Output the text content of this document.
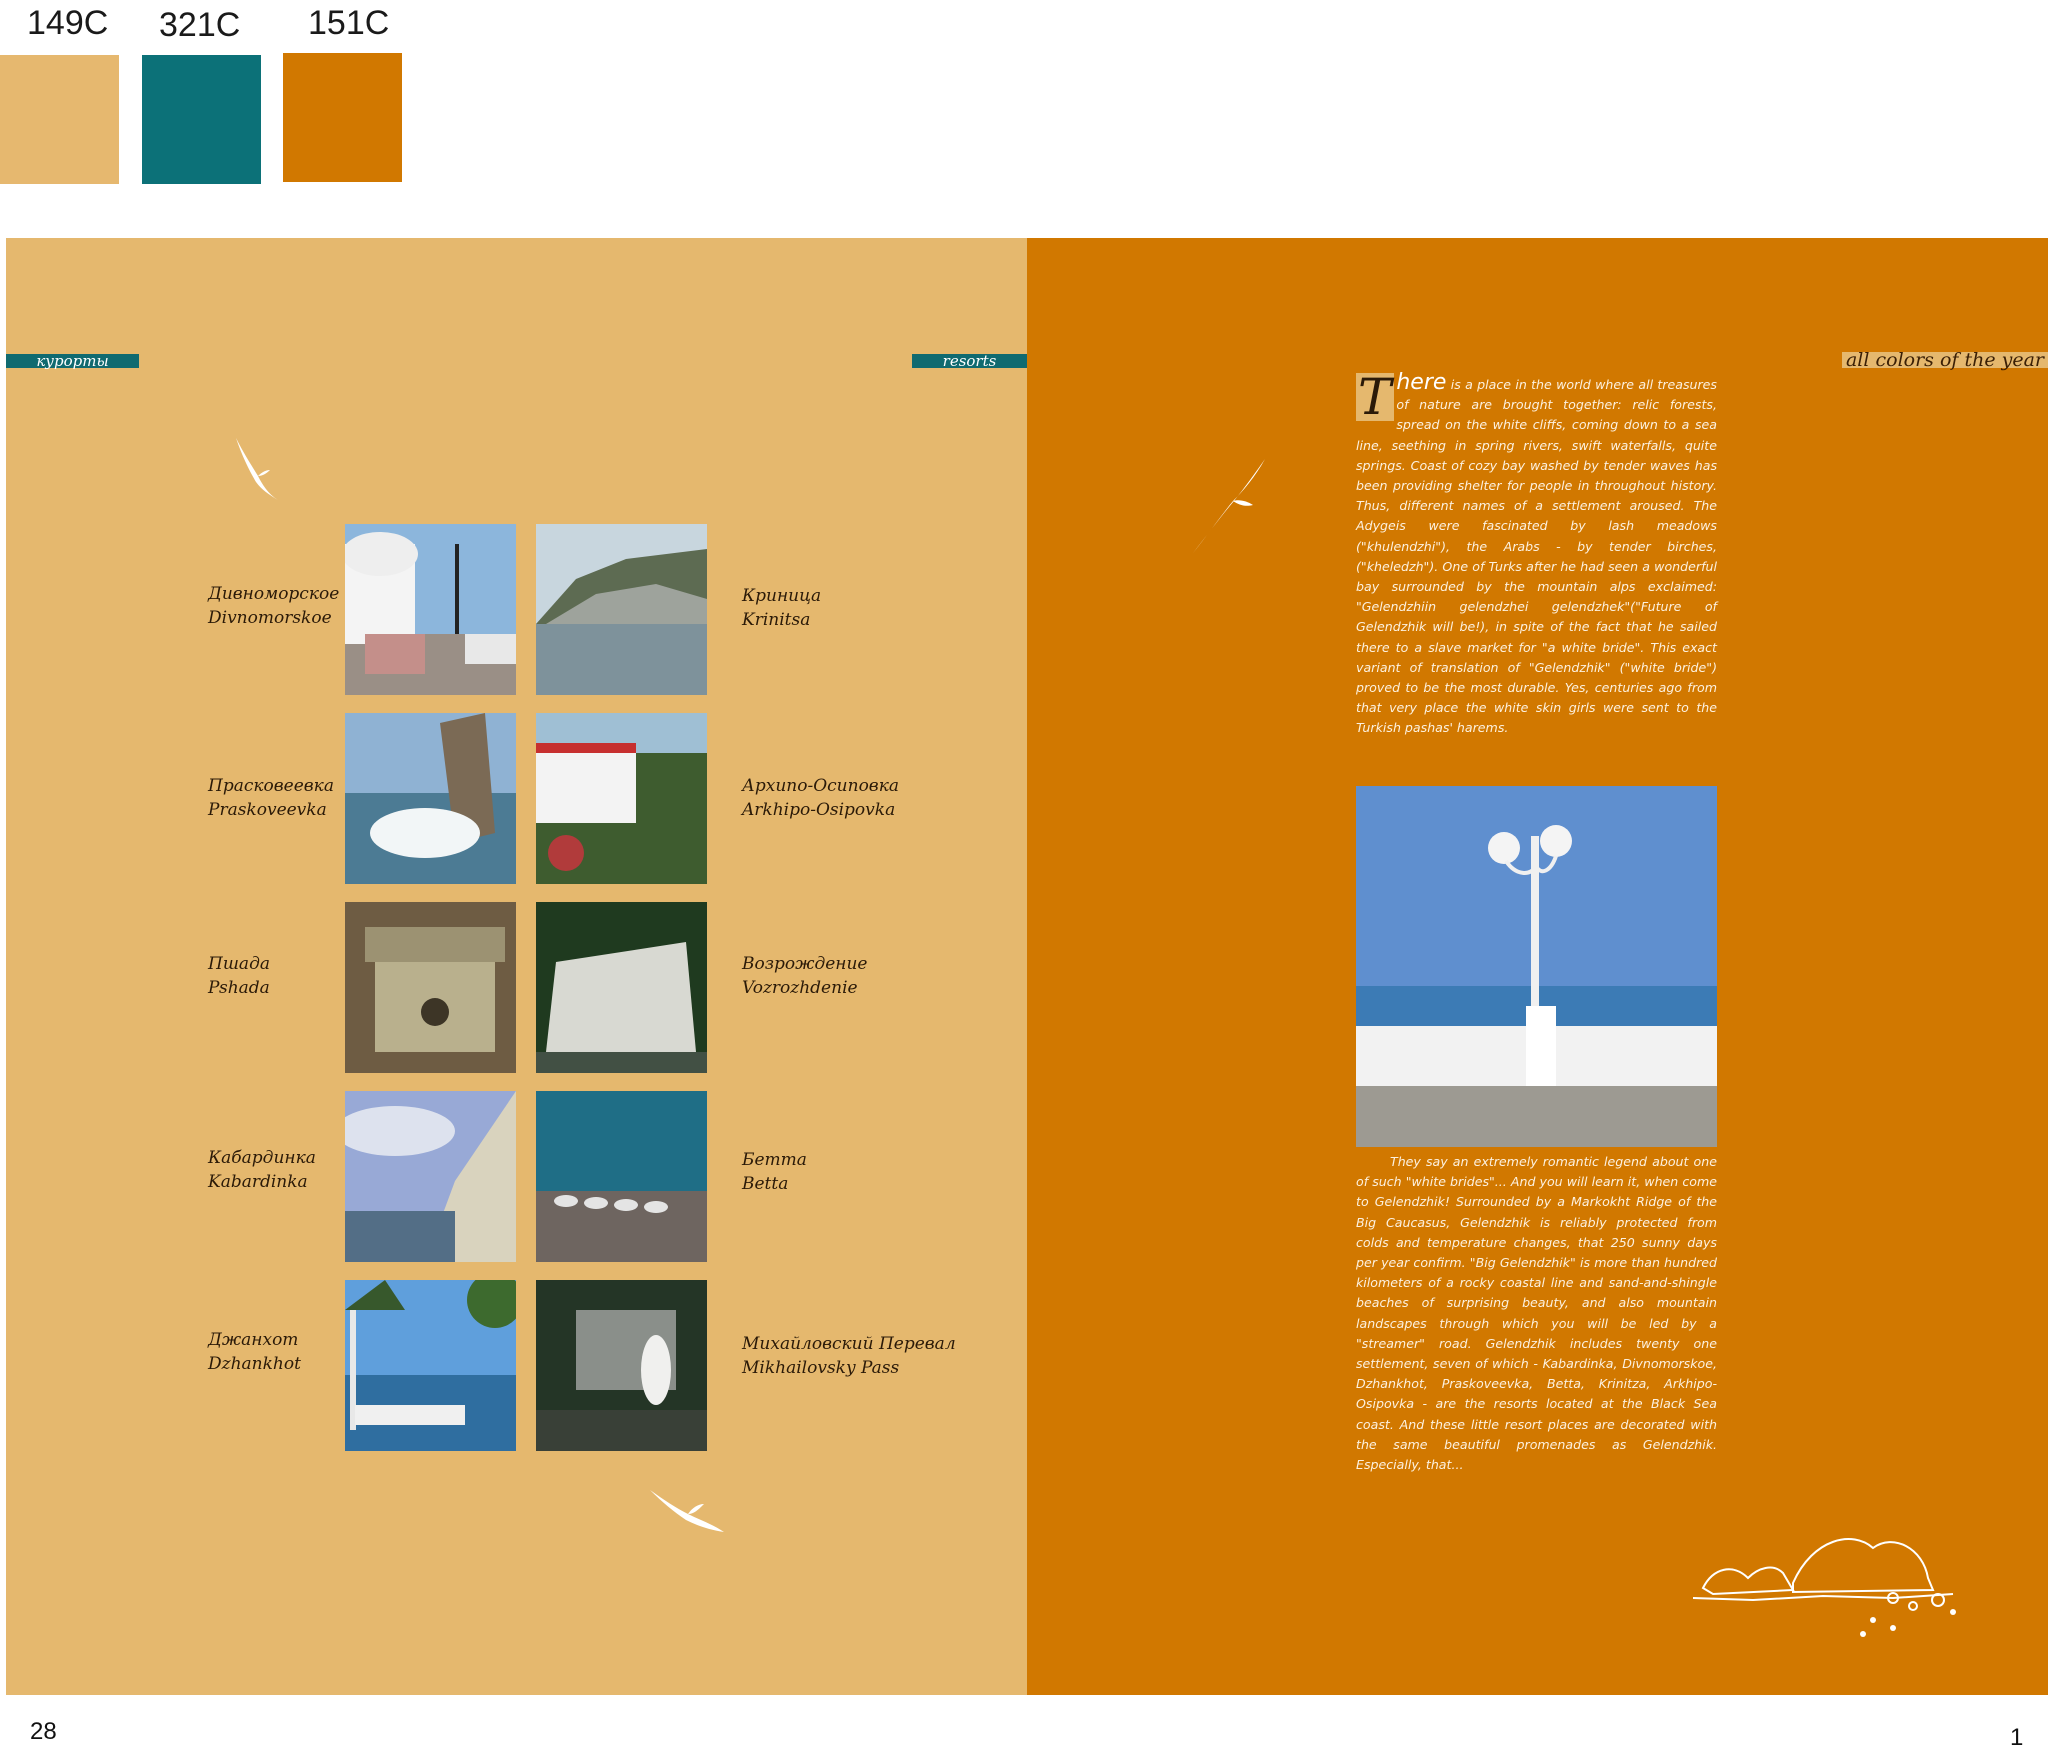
149C 321C 151C
курорты	resorts
Дивноморское
Divnomorskoe
Криница
Krinitsa
Прасковеевка
Praskoveevka
Архипо-Осиповка
Arkhipo-Osipovka
Пшада
Pshada
Возрождение
Vozrozhdenie
Кабардинка
Kabardinka
Бетта
Betta
Джанхот
Dzhankhot
Михайловский Перевал
Mikhailovsky Pass
all colors of the year
T here is a place in the world where all treasures of nature are brought together: relic forests, spread on the white cliffs, coming down to a sea line, seething in spring rivers, swift waterfalls, quite springs. Coast of cozy bay washed by tender waves has been providing shelter for people in throughout history. Thus, different names of a settlement aroused. The Adygeis were fascinated by lash meadows ("khulendzhi"), the Arabs - by tender birches, ("kheledzh"). One of Turks after he had seen a wonderful bay surrounded by the mountain alps exclaimed: "Gelendzhiin gelendzhei gelendzhek"("Future of Gelendzhik will be!), in spite of the fact that he sailed there to a slave market for "a white bride". This exact variant of translation of "Gelendzhik" ("white bride") proved to be the most durable. Yes, centuries ago from that very place the white skin girls were sent to the Turkish pashas' harems.
They say an extremely romantic legend about one of such "white brides"... And you will learn it, when come to Gelendzhik! Surrounded by a Markokht Ridge of the Big Caucasus, Gelendzhik is reliably protected from colds and temperature changes, that 250 sunny days per year confirm. "Big Gelendzhik" is more than hundred kilometers of a rocky coastal line and sand-and-shingle beaches of surprising beauty, and also mountain landscapes through which you will be led by a "streamer" road. Gelendzhik includes twenty one settlement, seven of which - Kabardinka, Divnomorskoe, Dzhankhot, Praskoveevka, Betta, Krinitza, Arkhipo-Osipovka - are the resorts located at the Black Sea coast. And these little resort places are decorated with the same beautiful promenades as Gelendzhik. Especially, that...
28	1
